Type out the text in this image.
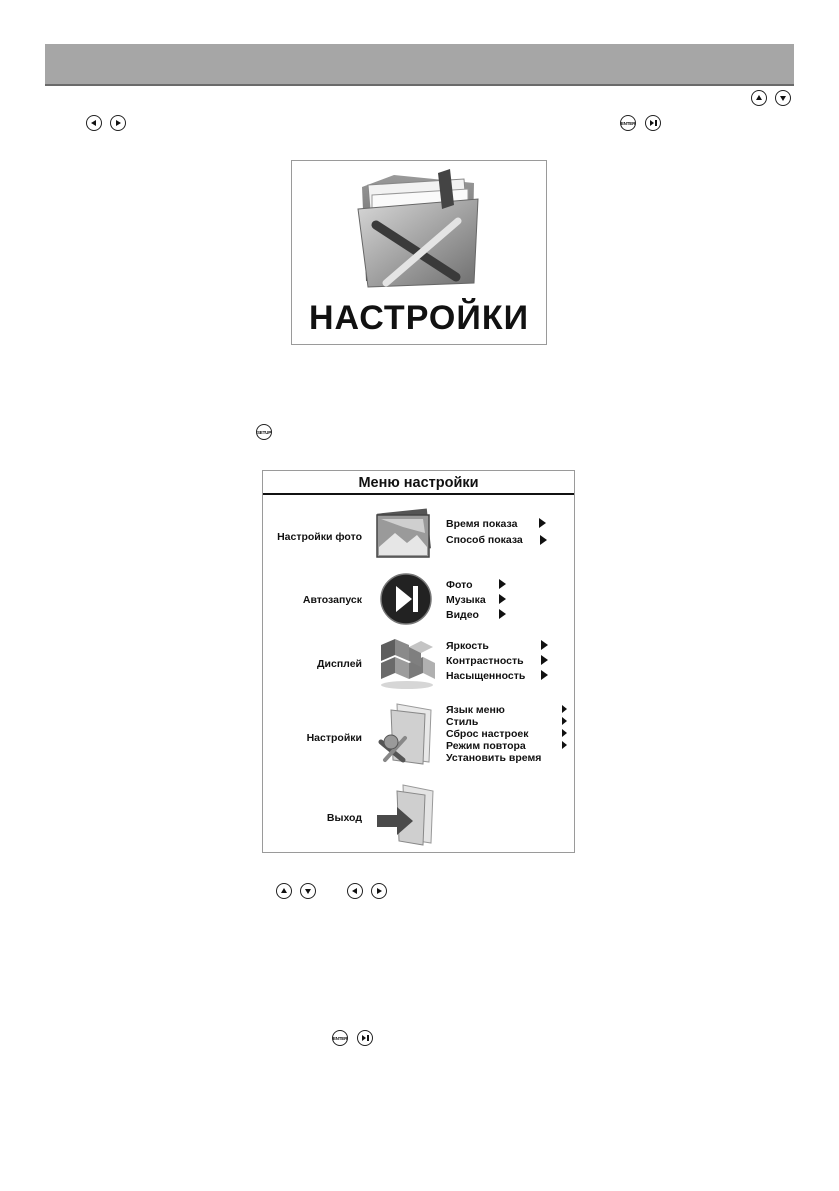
ENTER
НАСТРОЙКИ
SETUP
Меню настройки
Настройки фото
Время показа
Способ показа
Автозапуск
Фото
Музыка
Видео
Дисплей
Яркость
Контрастность
Насыщенность
Настройки
Язык меню
Стиль
Сброс настроек
Режим повтора
Установить время
Выход
ENTER
